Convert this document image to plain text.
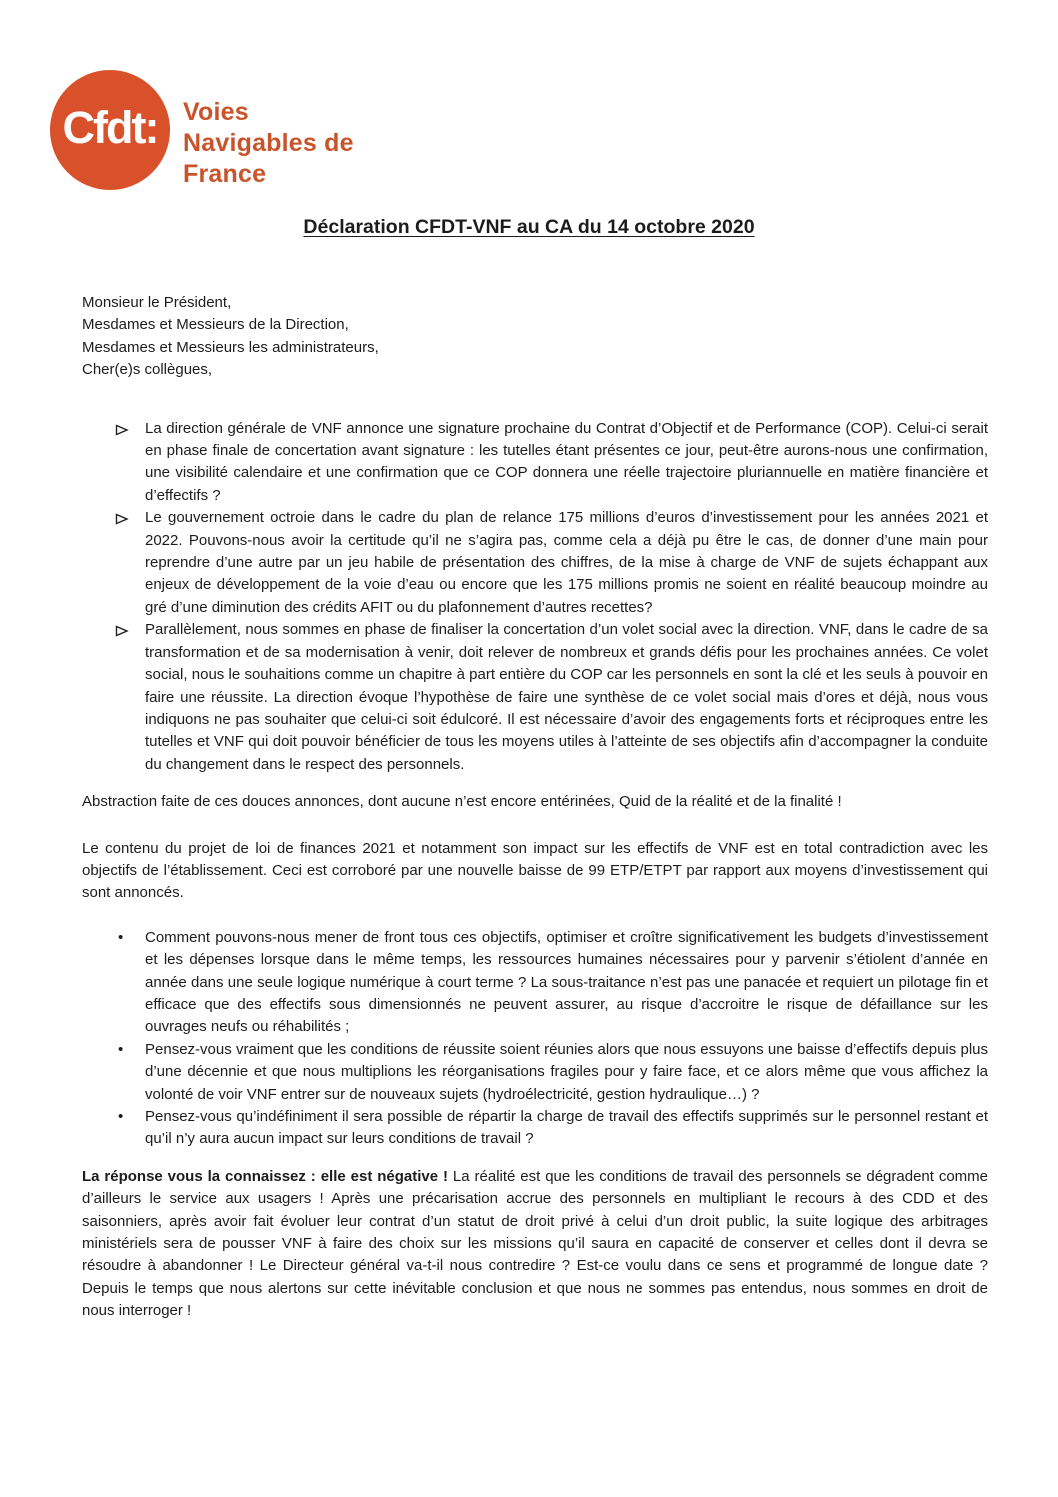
Cfdt: Voies
Navigables de
France
Déclaration CFDT-VNF au CA du 14 octobre 2020

Monsieur le Président,

Mesdames et Messieurs de la Direction,

Mesdames et Messieurs les administrateurs,

Cher(e)s collègues,

La direction générale de VNF annonce une signature prochaine du Contrat d’Objectif et de Performance (COP). Celui-ci serait en phase finale de concertation avant signature : les tutelles étant présentes ce jour, peut-être aurons-nous une confirmation, une visibilité calendaire et une confirmation que ce COP donnera une réelle trajectoire pluriannuelle en matière financière et d’effectifs ?
Le gouvernement octroie dans le cadre du plan de relance 175 millions d’euros d’investissement pour les années 2021 et 2022. Pouvons-nous avoir la certitude qu’il ne s’agira pas, comme cela a déjà pu être le cas, de donner d’une main pour reprendre d’une autre par un jeu habile de présentation des chiffres, de la mise à charge de VNF de sujets échappant aux enjeux de développement de la voie d’eau ou encore que les 175 millions promis ne soient en réalité beaucoup moindre au gré d’une diminution des crédits AFIT ou du plafonnement d’autres recettes?
Parallèlement, nous sommes en phase de finaliser la concertation d’un volet social avec la direction. VNF, dans le cadre de sa transformation et de sa modernisation à venir, doit relever de nombreux et grands défis pour les prochaines années. Ce volet social, nous le souhaitions comme un chapitre à part entière du COP car les personnels en sont la clé et les seuls à pouvoir en faire une réussite. La direction évoque l’hypothèse de faire une synthèse de ce volet social mais d’ores et déjà, nous vous indiquons ne pas souhaiter que celui-ci soit édulcoré. Il est nécessaire d’avoir des engagements forts et réciproques entre les tutelles et VNF qui doit pouvoir bénéficier de tous les moyens utiles à l’atteinte de ses objectifs afin d’accompagner la conduite du changement dans le respect des personnels.

Abstraction faite de ces douces annonces, dont aucune n’est encore entérinées, Quid de la réalité et de la finalité !

Le contenu du projet de loi de finances 2021 et notamment son impact sur les effectifs de VNF est en total contradiction avec les objectifs de l’établissement. Ceci est corroboré par une nouvelle baisse de 99 ETP/ETPT par rapport aux moyens d’investissement qui sont annoncés.

• Comment pouvons-nous mener de front tous ces objectifs, optimiser et croître significativement les budgets d’investissement et les dépenses lorsque dans le même temps, les ressources humaines nécessaires pour y parvenir s’étiolent d’année en année dans une seule logique numérique à court terme ? La sous-traitance n’est pas une panacée et requiert un pilotage fin et efficace que des effectifs sous dimensionnés ne peuvent assurer, au risque d’accroitre le risque de défaillance sur les ouvrages neufs ou réhabilités ;
• Pensez-vous vraiment que les conditions de réussite soient réunies alors que nous essuyons une baisse d’effectifs depuis plus d’une décennie et que nous multiplions les réorganisations fragiles pour y faire face, et ce alors même que vous affichez la volonté de voir VNF entrer sur de nouveaux sujets (hydroélectricité, gestion hydraulique…) ?
• Pensez-vous qu’indéfiniment il sera possible de répartir la charge de travail des effectifs supprimés sur le personnel restant et qu’il n’y aura aucun impact sur leurs conditions de travail ?

La réponse vous la connaissez : elle est négative ! La réalité est que les conditions de travail des personnels se dégradent comme d’ailleurs le service aux usagers ! Après une précarisation accrue des personnels en multipliant le recours à des CDD et des saisonniers, après avoir fait évoluer leur contrat d’un statut de droit privé à celui d’un droit public, la suite logique des arbitrages ministériels sera de pousser VNF à faire des choix sur les missions qu’il saura en capacité de conserver et celles dont il devra se résoudre à abandonner ! Le Directeur général va-t-il nous contredire ? Est-ce voulu dans ce sens et programmé de longue date ? Depuis le temps que nous alertons sur cette inévitable conclusion et que nous ne sommes pas entendus, nous sommes en droit de nous interroger !
